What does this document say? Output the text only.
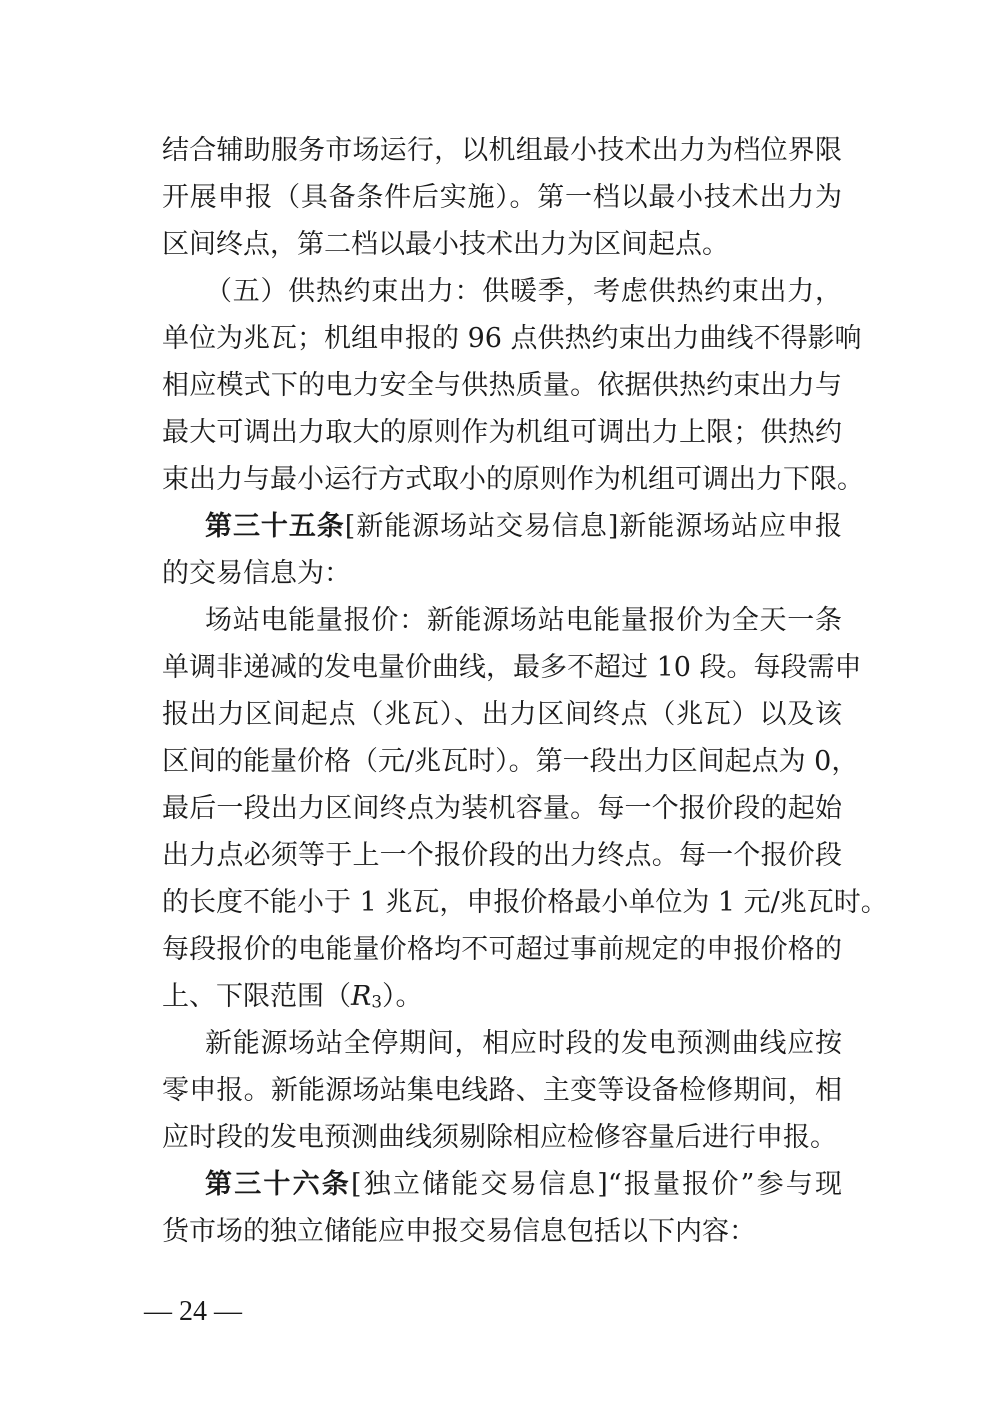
结合辅助服务市场运行，以机组最小技术出力为档位界限
开展申报（具备条件后实施）。第一档以最小技术出力为
区间终点，第二档以最小技术出力为区间起点。
（五）供热约束出力：供暖季，考虑供热约束出力，
单位为兆瓦；机组申报的 96 点供热约束出力曲线不得影响
相应模式下的电力安全与供热质量。依据供热约束出力与
最大可调出力取大的原则作为机组可调出力上限；供热约
束出力与最小运行方式取小的原则作为机组可调出力下限。
第三十五条[新能源场站交易信息]新能源场站应申报
的交易信息为：
场站电能量报价：新能源场站电能量报价为全天一条
单调非递减的发电量价曲线，最多不超过 10 段。每段需申
报出力区间起点（兆瓦）、出力区间终点（兆瓦）以及该
区间的能量价格（元/兆瓦时）。第一段出力区间起点为 0，
最后一段出力区间终点为装机容量。每一个报价段的起始
出力点必须等于上一个报价段的出力终点。每一个报价段
的长度不能小于 1 兆瓦，申报价格最小单位为 1 元/兆瓦时。
每段报价的电能量价格均不可超过事前规定的申报价格的
上、下限范围$(R_3)$。
新能源场站全停期间，相应时段的发电预测曲线应按
零申报。新能源场站集电线路、主变等设备检修期间，相
应时段的发电预测曲线须剔除相应检修容量后进行申报。
— 24 —
第三十六条[独立储能交易信息]“报量报价”参与现
货市场的独立储能应申报交易信息包括以下内容：
